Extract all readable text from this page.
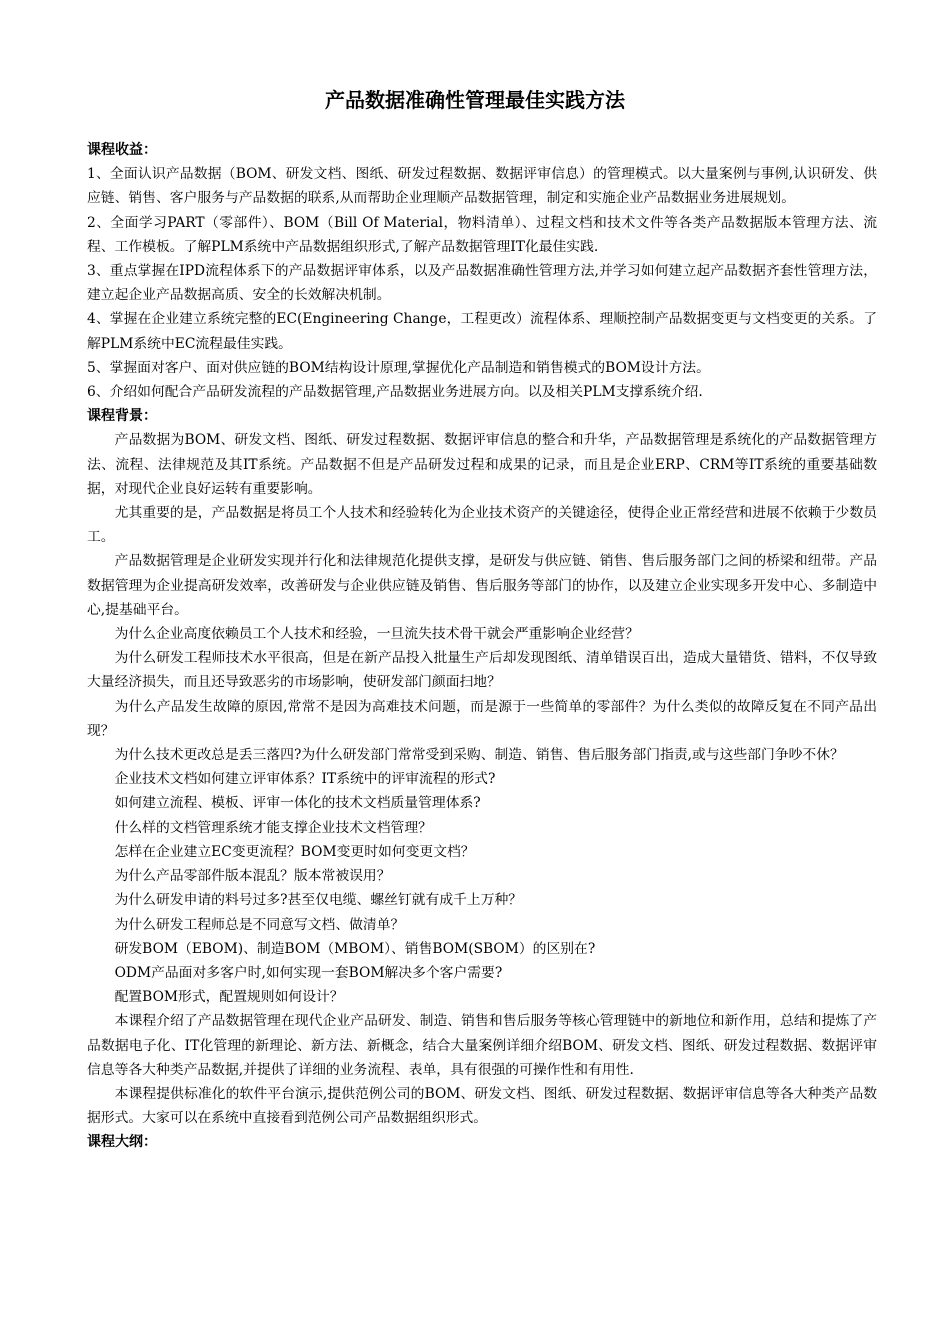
产品数据准确性管理最佳实践方法

课程收益：

1、全面认识产品数据（BOM、研发文档、图纸、研发过程数据、数据评审信息）的管理模式。以大量案例与事例,认识研发、供应链、销售、客户服务与产品数据的联系,从而帮助企业理顺产品数据管理，制定和实施企业产品数据业务进展规划。

2、全面学习PART（零部件）、BOM（Bill Of Material，物料清单）、过程文档和技术文件等各类产品数据版本管理方法、流程、工作模板。了解PLM系统中产品数据组织形式,了解产品数据管理IT化最佳实践.

3、重点掌握在IPD流程体系下的产品数据评审体系，以及产品数据准确性管理方法,并学习如何建立起产品数据齐套性管理方法，建立起企业产品数据高质、安全的长效解决机制。

4、掌握在企业建立系统完整的EC(Engineering Change，工程更改）流程体系、理顺控制产品数据变更与文档变更的关系。了解PLM系统中EC流程最佳实践。

5、掌握面对客户、面对供应链的BOM结构设计原理,掌握优化产品制造和销售模式的BOM设计方法。

6、介绍如何配合产品研发流程的产品数据管理,产品数据业务进展方向。以及相关PLM支撑系统介绍.

课程背景：

产品数据为BOM、研发文档、图纸、研发过程数据、数据评审信息的整合和升华，产品数据管理是系统化的产品数据管理方法、流程、法律规范及其IT系统。产品数据不但是产品研发过程和成果的记录，而且是企业ERP、CRM等IT系统的重要基础数据，对现代企业良好运转有重要影响。

尤其重要的是，产品数据是将员工个人技术和经验转化为企业技术资产的关键途径，使得企业正常经营和进展不依赖于少数员工。

产品数据管理是企业研发实现并行化和法律规范化提供支撑，是研发与供应链、销售、售后服务部门之间的桥梁和纽带。产品数据管理为企业提高研发效率，改善研发与企业供应链及销售、售后服务等部门的协作，以及建立企业实现多开发中心、多制造中心,提基础平台。

为什么企业高度依赖员工个人技术和经验，一旦流失技术骨干就会严重影响企业经营？

为什么研发工程师技术水平很高，但是在新产品投入批量生产后却发现图纸、清单错误百出，造成大量错货、错料，不仅导致大量经济损失，而且还导致恶劣的市场影响，使研发部门颜面扫地？

为什么产品发生故障的原因,常常不是因为高难技术问题，而是源于一些简单的零部件？为什么类似的故障反复在不同产品出现？

为什么技术更改总是丢三落四?为什么研发部门常常受到采购、制造、销售、售后服务部门指责,或与这些部门争吵不休？

企业技术文档如何建立评审体系？IT系统中的评审流程的形式?

如何建立流程、模板、评审一体化的技术文档质量管理体系?

什么样的文档管理系统才能支撑企业技术文档管理？

怎样在企业建立EC变更流程？BOM变更时如何变更文档？

为什么产品零部件版本混乱？版本常被误用？

为什么研发申请的料号过多?甚至仅电缆、螺丝钉就有成千上万种？

为什么研发工程师总是不同意写文档、做清单？

研发BOM（EBOM)、制造BOM（MBOM）、销售BOM(SBOM）的区别在?

ODM产品面对多客户时,如何实现一套BOM解决多个客户需要?

配置BOM形式，配置规则如何设计？

本课程介绍了产品数据管理在现代企业产品研发、制造、销售和售后服务等核心管理链中的新地位和新作用，总结和提炼了产品数据电子化、IT化管理的新理论、新方法、新概念，结合大量案例详细介绍BOM、研发文档、图纸、研发过程数据、数据评审信息等各大种类产品数据,并提供了详细的业务流程、表单，具有很强的可操作性和有用性.

本课程提供标准化的软件平台演示,提供范例公司的BOM、研发文档、图纸、研发过程数据、数据评审信息等各大种类产品数据形式。大家可以在系统中直接看到范例公司产品数据组织形式。

课程大纲：
